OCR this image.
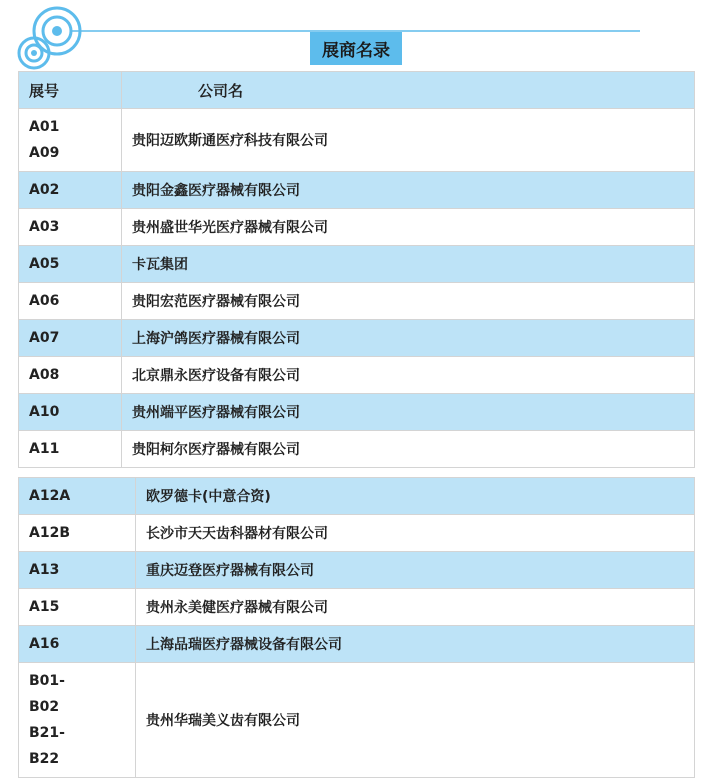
展商名录
展号	公司名

A01
A09	贵阳迈欧斯通医疗科技有限公司

A02	贵阳金鑫医疗器械有限公司

A03	贵州盛世华光医疗器械有限公司

A05	卡瓦集团

A06	贵阳宏范医疗器械有限公司

A07	上海沪鸽医疗器械有限公司

A08	北京鼎永医疗设备有限公司

A10	贵州端平医疗器械有限公司

A11	贵阳柯尔医疗器械有限公司
A12A	欧罗德卡(中意合资)

A12B	长沙市天天齿科器材有限公司

A13	重庆迈登医疗器械有限公司

A15	贵州永美健医疗器械有限公司

A16	上海品瑞医疗器械设备有限公司

B01-
B02
B21-
B22	贵州华瑞美义齿有限公司
